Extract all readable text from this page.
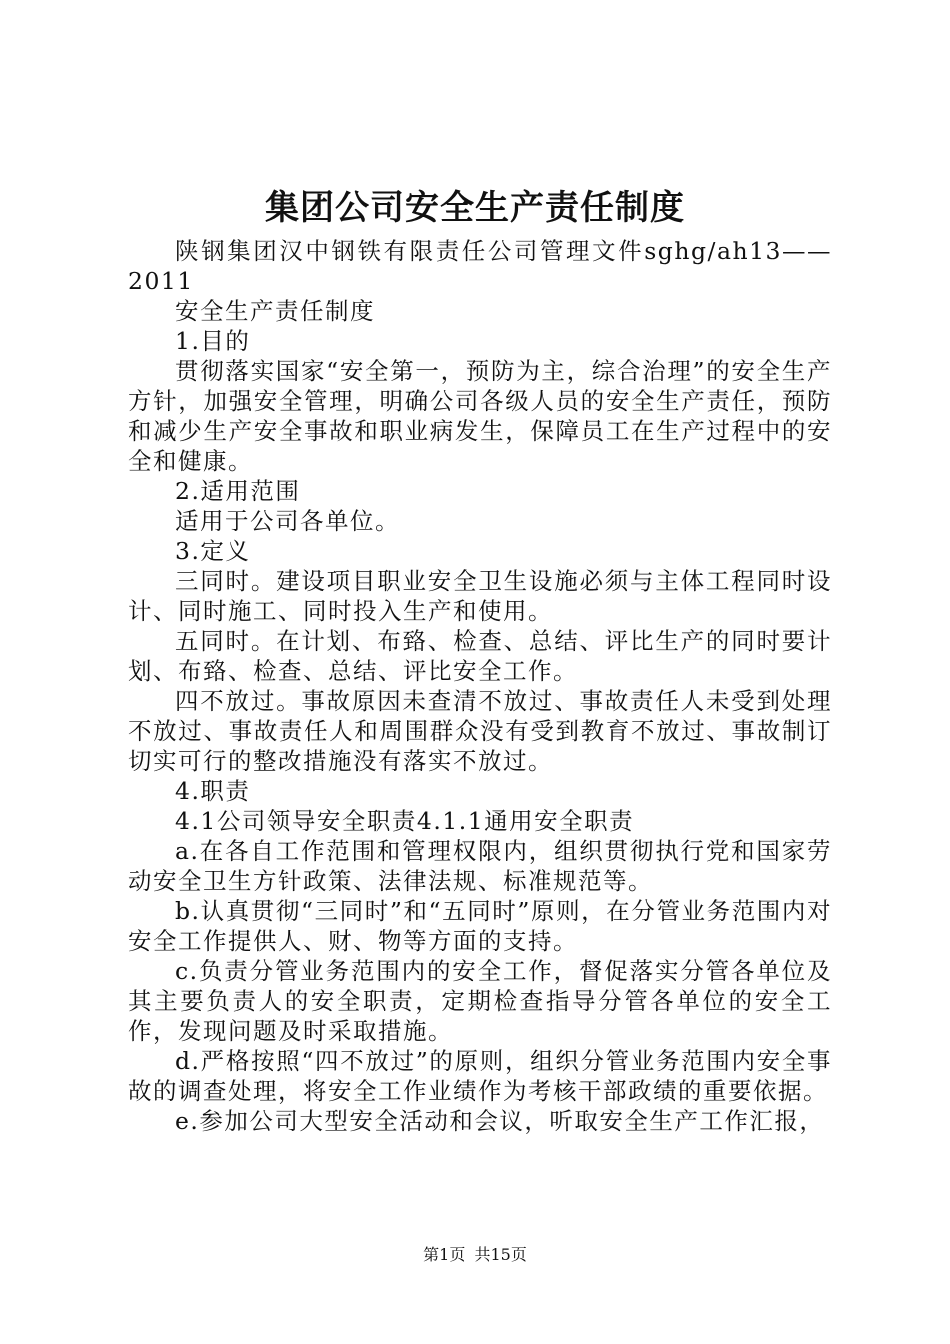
集团公司安全生产责任制度

陕钢集团汉中钢铁有限责任公司管理文件sghg/ah13——2011

安全生产责任制度

1.目的

贯彻落实国家“安全第一，预防为主，综合治理”的安全生产方针，加强安全管理，明确公司各级人员的安全生产责任，预防和减少生产安全事故和职业病发生，保障员工在生产过程中的安全和健康。

2.适用范围

适用于公司各单位。

3.定义

三同时。建设项目职业安全卫生设施必须与主体工程同时设计、同时施工、同时投入生产和使用。

五同时。在计划、布臵、检查、总结、评比生产的同时要计划、布臵、检查、总结、评比安全工作。

四不放过。事故原因未查清不放过、事故责任人未受到处理不放过、事故责任人和周围群众没有受到教育不放过、事故制订切实可行的整改措施没有落实不放过。

4.职责

4.1公司领导安全职责4.1.1通用安全职责

a.在各自工作范围和管理权限内，组织贯彻执行党和国家劳动安全卫生方针政策、法律法规、标准规范等。

b.认真贯彻“三同时”和“五同时”原则，在分管业务范围内对安全工作提供人、财、物等方面的支持。

c.负责分管业务范围内的安全工作，督促落实分管各单位及其主要负责人的安全职责，定期检查指导分管各单位的安全工作，发现问题及时采取措施。

d.严格按照“四不放过”的原则，组织分管业务范围内安全事故的调查处理，将安全工作业绩作为考核干部政绩的重要依据。

e.参加公司大型安全活动和会议，听取安全生产工作汇报，

第1页 共15页
